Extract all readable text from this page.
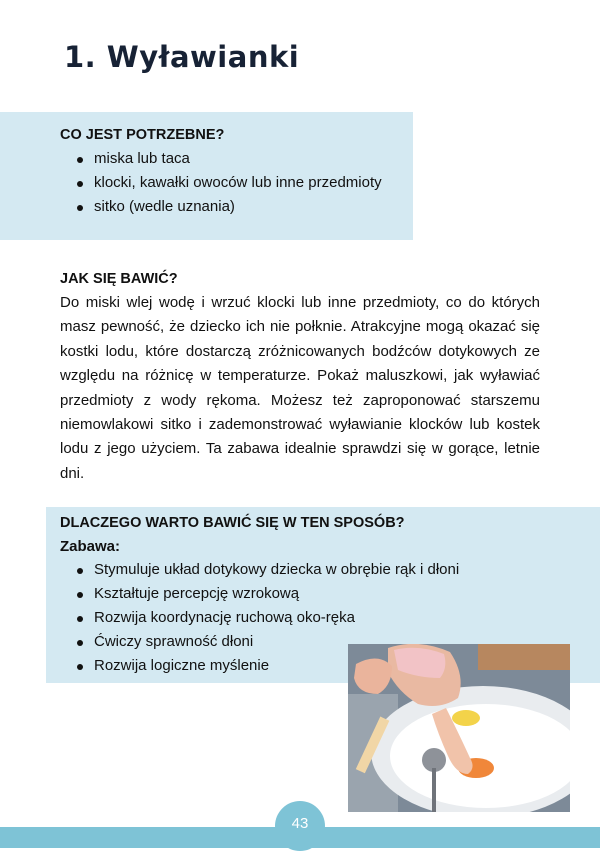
1. Wyławianki
CO JEST POTRZEBNE?
miska lub taca
klocki, kawałki owoców lub inne przedmioty
sitko (wedle uznania)
JAK SIĘ BAWIĆ?

Do miski wlej wodę i wrzuć klocki lub inne przedmioty, co do których masz pewność, że dziecko ich nie połknie. Atrakcyjne mogą okazać się kostki lodu, które dostarczą zróżnicowanych bodźców dotykowych ze względu na różnicę w temperaturze. Pokaż maluszkowi, jak wyławiać przedmioty z wody rękoma. Możesz też zaproponować starszemu niemowlakowi sitko i zademonstrować wyławianie klocków lub kostek lodu z jego użyciem. Ta zabawa idealnie sprawdzi się w gorące, letnie dni.

DLACZEGO WARTO BAWIĆ SIĘ W TEN SPOSÓB?

Zabawa:

Stymuluje układ dotykowy dziecka w obrębie rąk i dłoni
Kształtuje percepcję wzrokową
Rozwija koordynację ruchową oko-ręka
Ćwiczy sprawność dłoni
Rozwija logiczne myślenie
43
